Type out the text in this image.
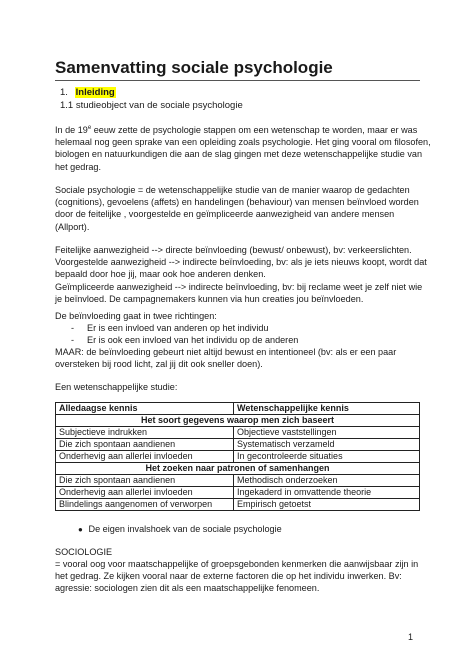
Samenvatting sociale psychologie
1. Inleiding
1.1 studieobject van de sociale psychologie
In de 19e eeuw zette de psychologie stappen om een wetenschap te worden, maar er was
helemaal nog geen sprake van een opleiding zoals psychologie. Het ging vooral om filosofen,
biologen en natuurkundigen die aan de slag gingen met deze wetenschappelijke studie van
het gedrag.
Sociale psychologie = de wetenschappelijke studie van de manier waarop de gedachten
(cognitions), gevoelens (affets) en handelingen (behaviour) van mensen beïnvloed worden
door de feitelijke , voorgestelde en geïmpliceerde aanwezigheid van andere mensen
(Allport).
Feitelijke aanwezigheid --> directe beïnvloeding (bewust/ onbewust), bv: verkeerslichten.
Voorgestelde aanwezigheid --> indirecte beïnvloeding, bv: als je iets nieuws koopt, wordt dat
bepaald door hoe jij, maar ook hoe anderen denken.
Geïmpliceerde aanwezigheid --> indirecte beïnvloeding, bv: bij reclame weet je zelf niet wie
je beïnvloed. De campagnemakers kunnen via hun creaties jou beïnvloeden.
De beïnvloeding gaat in twee richtingen:
- Er is een invloed van anderen op het individu
- Er is ook een invloed van het individu op de anderen
MAAR: de beïnvloeding gebeurt niet altijd bewust en intentioneel (bv: als er een paar
oversteken bij rood licht, zal jij dit ook sneller doen).
Een wetenschappelijke studie:
Alledaagse kennis	Wetenschappelijke kennis
Het soort gegevens waarop men zich baseert	
Subjectieve indrukken	Objectieve vaststellingen
Die zich spontaan aandienen	Systematisch verzameld
Onderhevig aan allerlei invloeden	In gecontroleerde situaties
Het zoeken naar patronen of samenhangen	
Die zich spontaan aandienen	Methodisch onderzoeken
Onderhevig aan allerlei invloeden	Ingekaderd in omvattende theorie
Blindelings aangenomen of verworpen	Empirisch getoetst
● De eigen invalshoek van de sociale psychologie
SOCIOLOGIE
= vooral oog voor maatschappelijke of groepsgebonden kenmerken die aanwijsbaar zijn in
het gedrag. Ze kijken vooral naar de externe factoren die op het individu inwerken. Bv:
agressie: sociologen zien dit als een maatschappelijke fenomeen.
1
